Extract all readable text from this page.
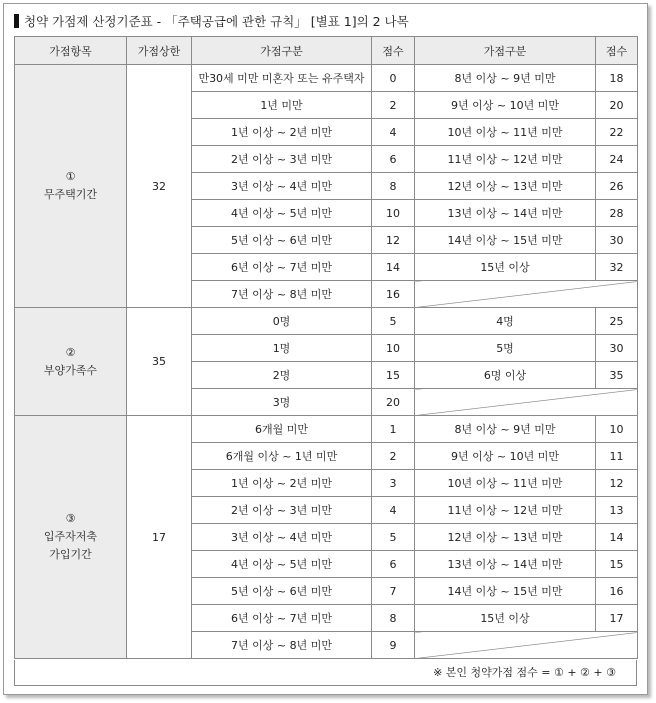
청약 가점제 산정기준표 - 「주택공급에 관한 규칙」 [별표 1]의 2 나목
가점항목	가점상한	가점구분	점수	가점구분	점수

①
무주택기간	32	만30세 미만 미혼자 또는 유주택자	0	8년 이상 ~ 9년 미만	18
		1년 미만	2	9년 이상 ~ 10년 미만	20
		1년 이상 ~ 2년 미만	4	10년 이상 ~ 11년 미만	22
		2년 이상 ~ 3년 미만	6	11년 이상 ~ 12년 미만	24
		3년 이상 ~ 4년 미만	8	12년 이상 ~ 13년 미만	26
		4년 이상 ~ 5년 미만	10	13년 이상 ~ 14년 미만	28
		5년 이상 ~ 6년 미만	12	14년 이상 ~ 15년 미만	30
		6년 이상 ~ 7년 미만	14	15년 이상	32
		7년 이상 ~ 8년 미만	16		

②
부양가족수	35	0명	5	4명	25
		1명	10	5명	30
		2명	15	6명 이상	35
		3명	20		

③
입주자저축
가입기간	17	6개월 미만	1	8년 이상 ~ 9년 미만	10
		6개월 이상 ~ 1년 미만	2	9년 이상 ~ 10년 미만	11
		1년 이상 ~ 2년 미만	3	10년 이상 ~ 11년 미만	12
		2년 이상 ~ 3년 미만	4	11년 이상 ~ 12년 미만	13
		3년 이상 ~ 4년 미만	5	12년 이상 ~ 13년 미만	14
		4년 이상 ~ 5년 미만	6	13년 이상 ~ 14년 미만	15
		5년 이상 ~ 6년 미만	7	14년 이상 ~ 15년 미만	16
		6년 이상 ~ 7년 미만	8	15년 이상	17
		7년 이상 ~ 8년 미만	9		
※ 본인 청약가점 점수 = ① + ② + ③
